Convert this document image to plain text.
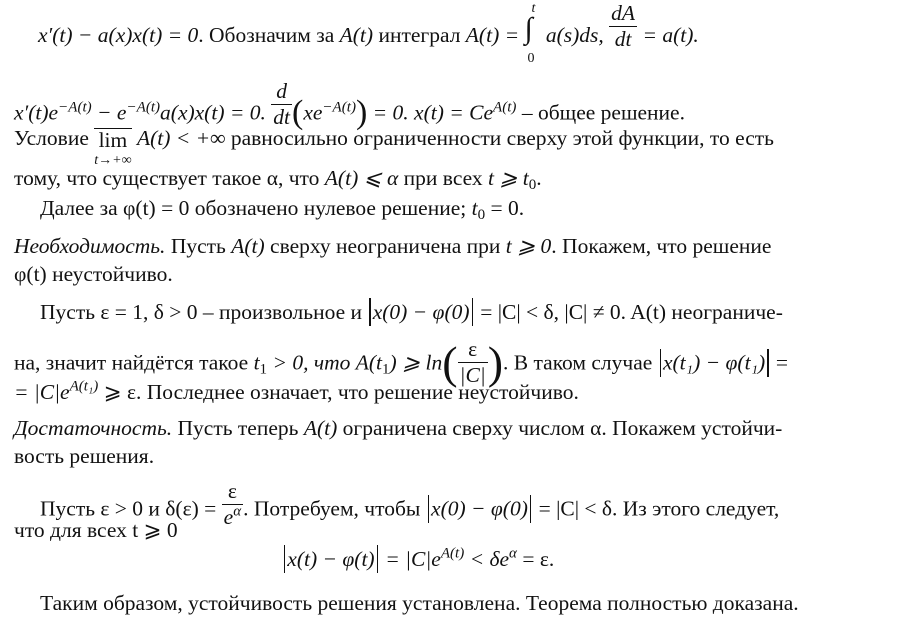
x′(t) − a(x)x(t) = 0. Обозначим за A(t) интеграл A(t) = ∫
t
0
a(s)ds, $\frac{dA}{dt} = a(t)$.
$x'(t)e^{-A(t)} - e^{-A(t)}a(x)x(t) = 0$. $\frac{d}{dt} (xe^{-A(t)}) = 0$. $x(t) = Ce^{A(t)}$ – общее решение.
Условие lim
t→+∞
A(t) < +∞ равносильно ограниченности сверху этой функции, то есть
тому, что существует такое α, что A(t) ⩽ α при всех t ⩾ $t_0$.
Далее за φ(t) = 0 обозначено нулевое решение; $t_0 = 0$.
Необходимость. Пусть A(t) сверху неограничена при t ⩾ 0. Покажем, что решение
φ(t) неустойчиво.
Пусть ε = 1, δ > 0 – произвольное и x(0) − φ(0) = |C| < δ, |C| ≠ 0. A(t) неограниче-
на, значит найдётся такое $t_1 > 0$, что $A(t_1)$ ⩾ $\ln( \frac{\varepsilon}{|C|}$ ). В таком случае x(t₁) − φ(t₁) =
= $|C|e^{A(t_1)}$ ⩾ ε. Последнее означает, что решение неустойчиво.
Достаточность. Пусть теперь A(t) ограничена сверху числом α. Покажем устойчи-
вость решения.
Пусть ε > 0 и $\delta(\varepsilon) = \frac{\varepsilon}{e^\alpha}$ . Потребуем, чтобы x(0) − φ(0) = |C| < δ. Из этого следует,
что для всех t ⩾ 0
$x(t) - \varphi(t) = |C|e^{A(t)} < \delta e^\alpha = \varepsilon$.
Таким образом, устойчивость решения установлена. Теорема полностью доказана.
